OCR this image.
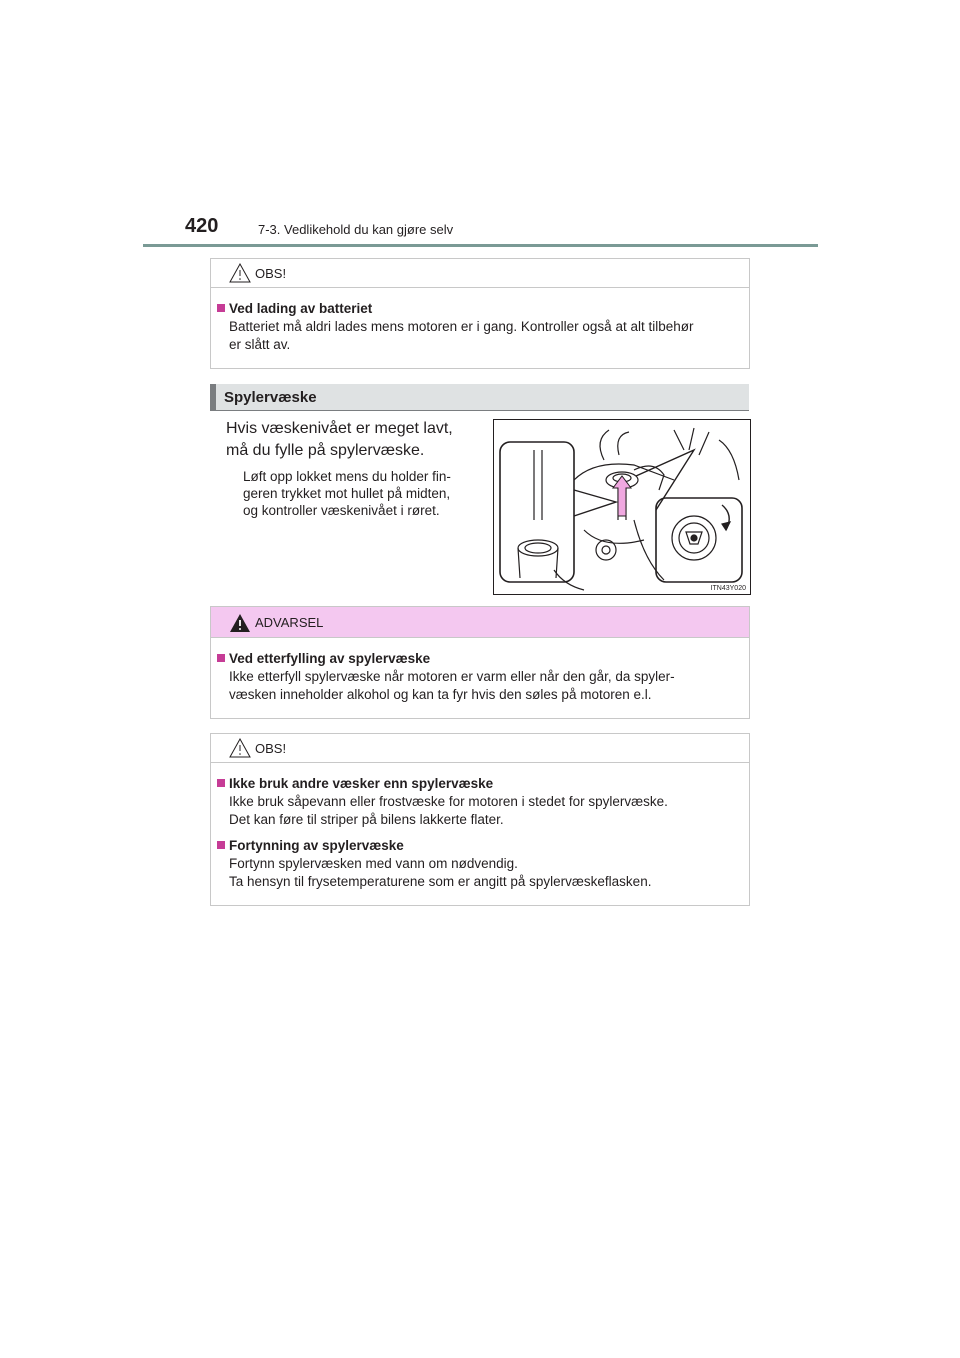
420	7-3. Vedlikehold du kan gjøre selv
OBS!
Ved lading av batteriet
Batteriet må aldri lades mens motoren er i gang. Kontroller også at alt tilbehør
er slått av.
Spylervæske
Hvis væskenivået er meget lavt,
må du fylle på spylervæske.
Løft opp lokket mens du holder fin-
geren trykket mot hullet på midten,
og kontroller væskenivået i røret.
ITN43Y020
ADVARSEL
Ved etterfylling av spylervæske
Ikke etterfyll spylervæske når motoren er varm eller når den går, da spyler-
væsken inneholder alkohol og kan ta fyr hvis den søles på motoren e.l.
OBS!
Ikke bruk andre væsker enn spylervæske
Ikke bruk såpevann eller frostvæske for motoren i stedet for spylervæske.
Det kan føre til striper på bilens lakkerte flater.
Fortynning av spylervæske
Fortynn spylervæsken med vann om nødvendig.
Ta hensyn til frysetemperaturene som er angitt på spylervæskeflasken.
